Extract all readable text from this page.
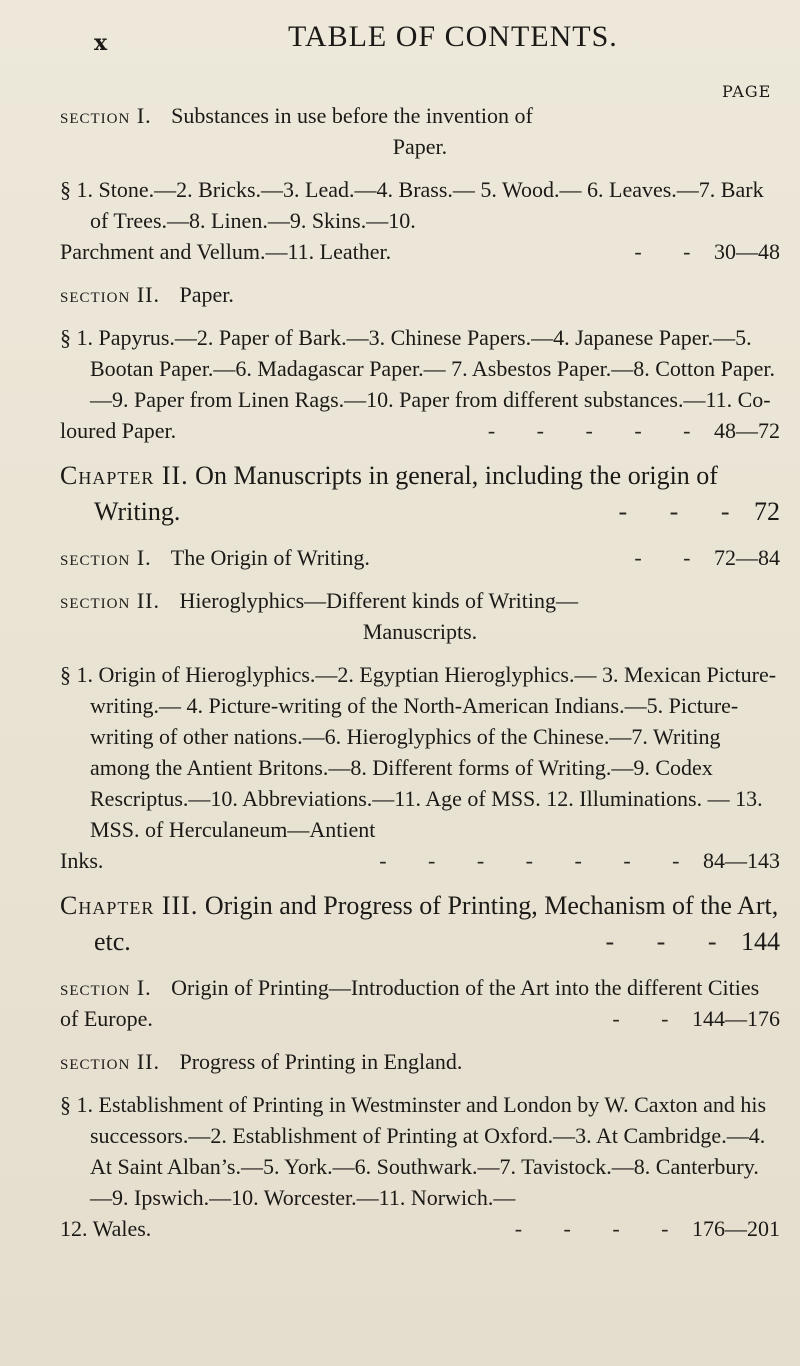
x	TABLE OF CONTENTS.
PAGE
section I. Substances in use before the invention of
Paper.
§ 1. Stone.—2. Bricks.—3. Lead.—4. Brass.— 5. Wood.— 6. Leaves.—7. Bark of Trees.—8. Linen.—9. Skins.—10.
Parchment and Vellum.—11. Leather.	- - 30—48
section II. Paper.
§ 1. Papyrus.—2. Paper of Bark.—3. Chinese Papers.—4. Japanese Paper.—5. Bootan Paper.—6. Madagascar Paper.— 7. Asbestos Paper.—8. Cotton Paper.—9. Paper from Linen Rags.—10. Paper from different substances.—11. Co-
loured Paper.	- - - - - 48—72
Chapter II. On Manuscripts in general, including the origin of Writing.	- - - 72
section I. The Origin of Writing.	- - 72—84
section II. Hieroglyphics—Different kinds of Writing—
Manuscripts.
§ 1. Origin of Hieroglyphics.—2. Egyptian Hieroglyphics.— 3. Mexican Picture-writing.— 4. Picture-writing of the North-American Indians.—5. Picture-writing of other nations.—6. Hieroglyphics of the Chinese.—7. Writing among the Antient Britons.—8. Different forms of Writing.—9. Codex Rescriptus.—10. Abbreviations.—11. Age of MSS. 12. Illuminations. — 13. MSS. of Herculaneum—Antient
Inks.	- - - - - - - 84—143
Chapter III. Origin and Progress of Printing, Mechanism of the Art, etc.	- - - 144
section I. Origin of Printing—Introduction of the Art into the different Cities of Europe.	- - 144—176
section II. Progress of Printing in England.
§ 1. Establishment of Printing in Westminster and London by W. Caxton and his successors.—2. Establishment of Printing at Oxford.—3. At Cambridge.—4. At Saint Alban’s.—5. York.—6. Southwark.—7. Tavistock.—8. Canterbury.—9. Ipswich.—10. Worcester.—11. Norwich.—
12. Wales.	- - - - 176—201
